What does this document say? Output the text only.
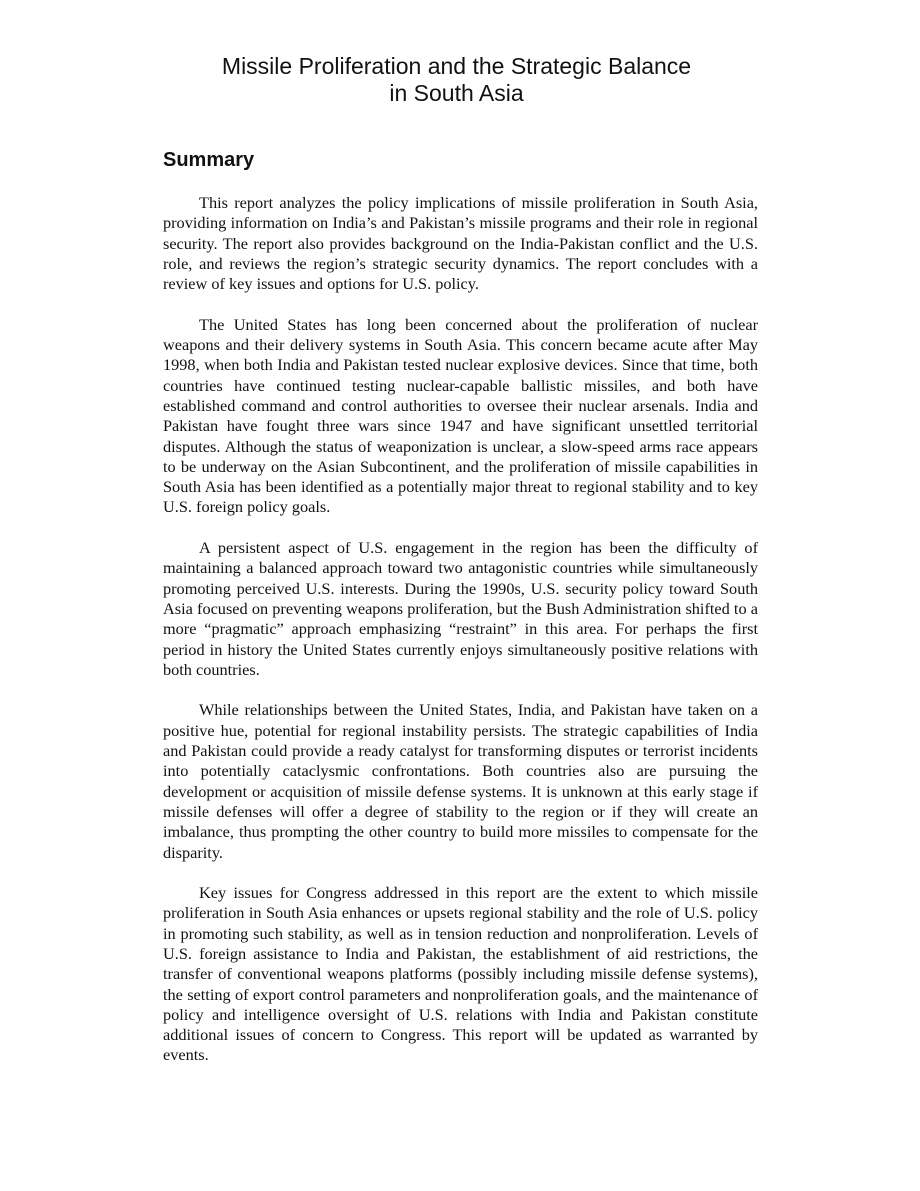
Missile Proliferation and the Strategic Balance
in South Asia
Summary

This report analyzes the policy implications of missile proliferation in South Asia, providing information on India’s and Pakistan’s missile programs and their role in regional security. The report also provides background on the India-Pakistan conflict and the U.S. role, and reviews the region’s strategic security dynamics. The report concludes with a review of key issues and options for U.S. policy.

The United States has long been concerned about the proliferation of nuclear weapons and their delivery systems in South Asia. This concern became acute after May 1998, when both India and Pakistan tested nuclear explosive devices. Since that time, both countries have continued testing nuclear-capable ballistic missiles, and both have established command and control authorities to oversee their nuclear arsenals. India and Pakistan have fought three wars since 1947 and have significant unsettled territorial disputes. Although the status of weaponization is unclear, a slow-speed arms race appears to be underway on the Asian Subcontinent, and the proliferation of missile capabilities in South Asia has been identified as a potentially major threat to regional stability and to key U.S. foreign policy goals.

A persistent aspect of U.S. engagement in the region has been the difficulty of maintaining a balanced approach toward two antagonistic countries while simultaneously promoting perceived U.S. interests. During the 1990s, U.S. security policy toward South Asia focused on preventing weapons proliferation, but the Bush Administration shifted to a more “pragmatic” approach emphasizing “restraint” in this area. For perhaps the first period in history the United States currently enjoys simultaneously positive relations with both countries.

While relationships between the United States, India, and Pakistan have taken on a positive hue, potential for regional instability persists. The strategic capabilities of India and Pakistan could provide a ready catalyst for transforming disputes or terrorist incidents into potentially cataclysmic confrontations. Both countries also are pursuing the development or acquisition of missile defense systems. It is unknown at this early stage if missile defenses will offer a degree of stability to the region or if they will create an imbalance, thus prompting the other country to build more missiles to compensate for the disparity.

Key issues for Congress addressed in this report are the extent to which missile proliferation in South Asia enhances or upsets regional stability and the role of U.S. policy in promoting such stability, as well as in tension reduction and nonproliferation. Levels of U.S. foreign assistance to India and Pakistan, the establishment of aid restrictions, the transfer of conventional weapons platforms (possibly including missile defense systems), the setting of export control parameters and nonproliferation goals, and the maintenance of policy and intelligence oversight of U.S. relations with India and Pakistan constitute additional issues of concern to Congress. This report will be updated as warranted by events.
